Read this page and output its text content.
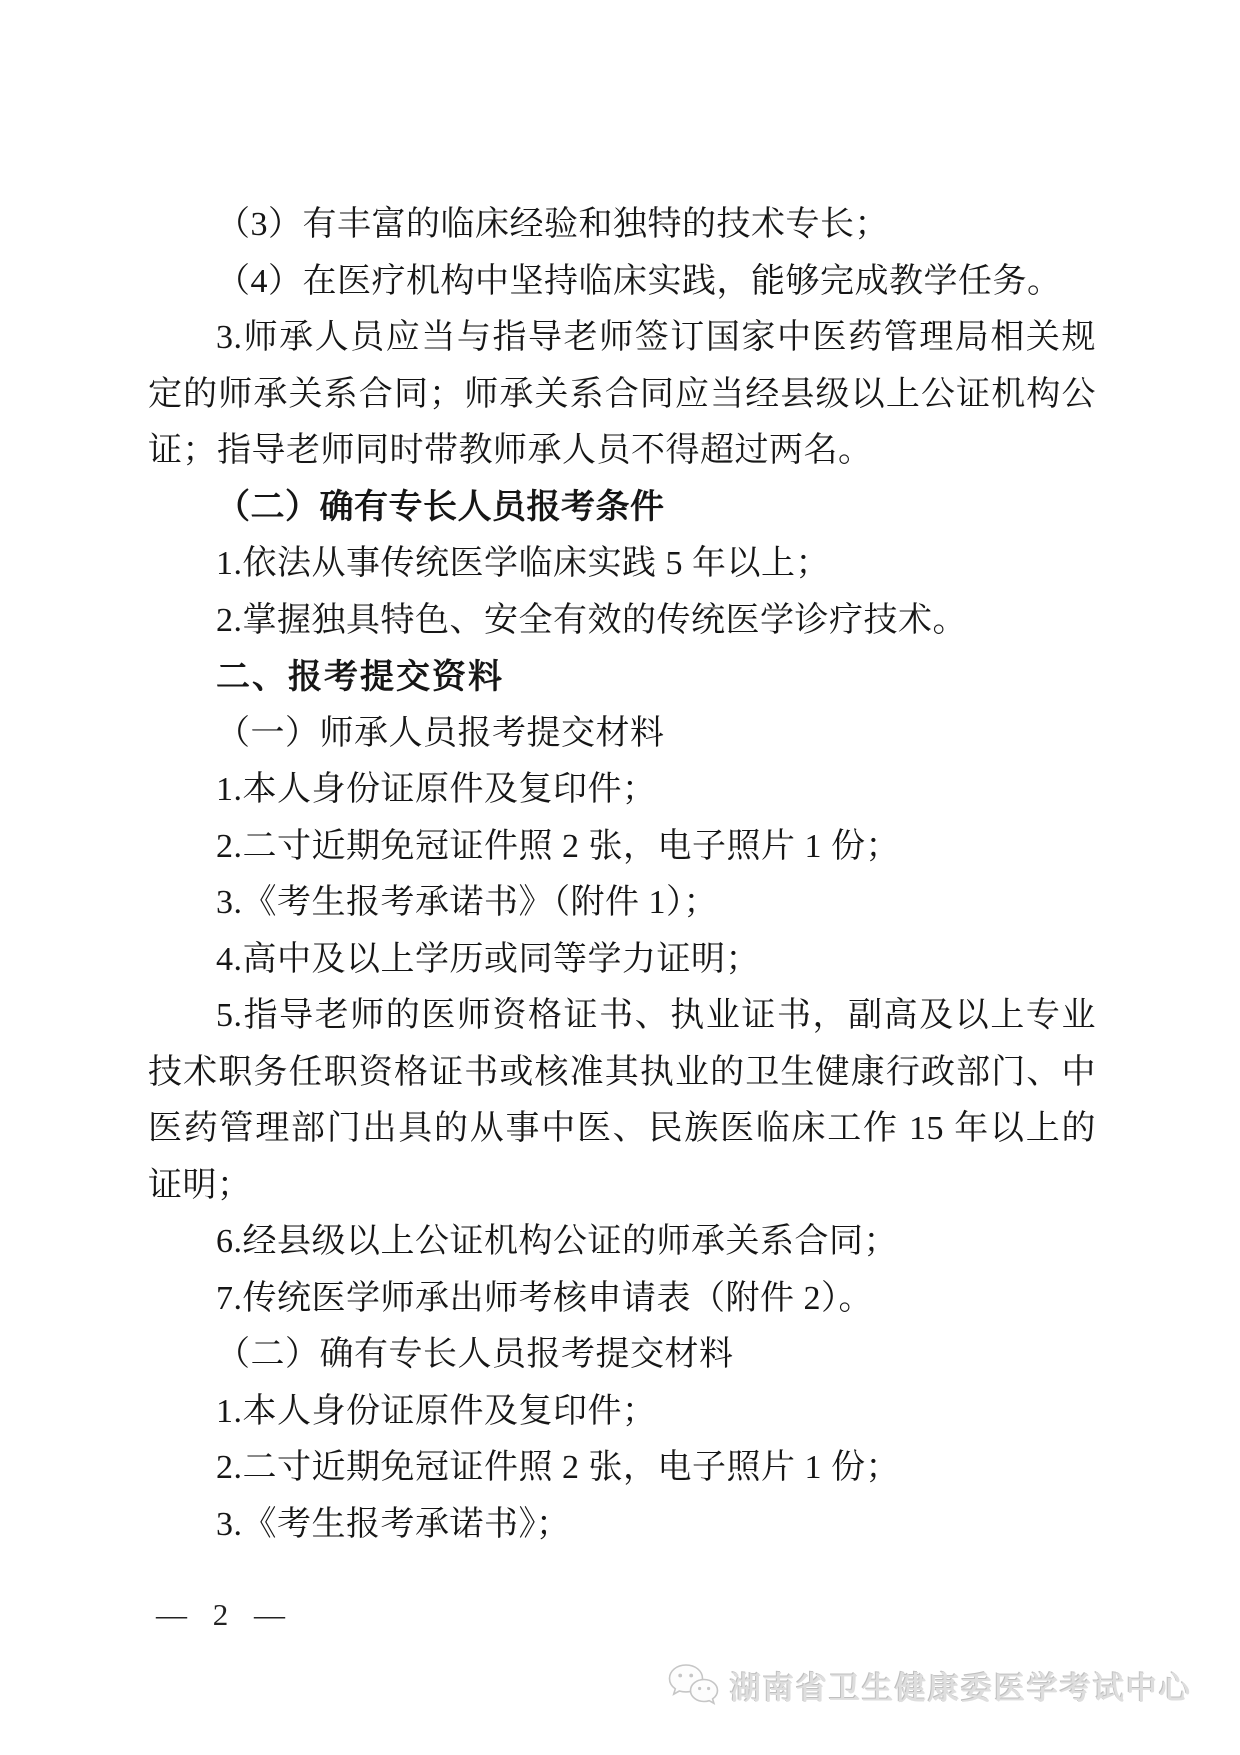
（3）有丰富的临床经验和独特的技术专长；

（4）在医疗机构中坚持临床实践，能够完成教学任务。

3.师承人员应当与指导老师签订国家中医药管理局相关规定的师承关系合同；师承关系合同应当经县级以上公证机构公证；指导老师同时带教师承人员不得超过两名。

（二）确有专长人员报考条件

1.依法从事传统医学临床实践 5 年以上；

2.掌握独具特色、安全有效的传统医学诊疗技术。

二、报考提交资料

（一）师承人员报考提交材料

1.本人身份证原件及复印件；

2.二寸近期免冠证件照 2 张，电子照片 1 份；

3.《考生报考承诺书》（附件 1）；

4.高中及以上学历或同等学力证明；

5.指导老师的医师资格证书、执业证书，副高及以上专业技术职务任职资格证书或核准其执业的卫生健康行政部门、中医药管理部门出具的从事中医、民族医临床工作 15 年以上的证明；

6.经县级以上公证机构公证的师承关系合同；

7.传统医学师承出师考核申请表（附件 2）。

（二）确有专长人员报考提交材料

1.本人身份证原件及复印件；

2.二寸近期免冠证件照 2 张，电子照片 1 份；

3.《考生报考承诺书》；

— 2 —
湖南省卫生健康委医学考试中心
